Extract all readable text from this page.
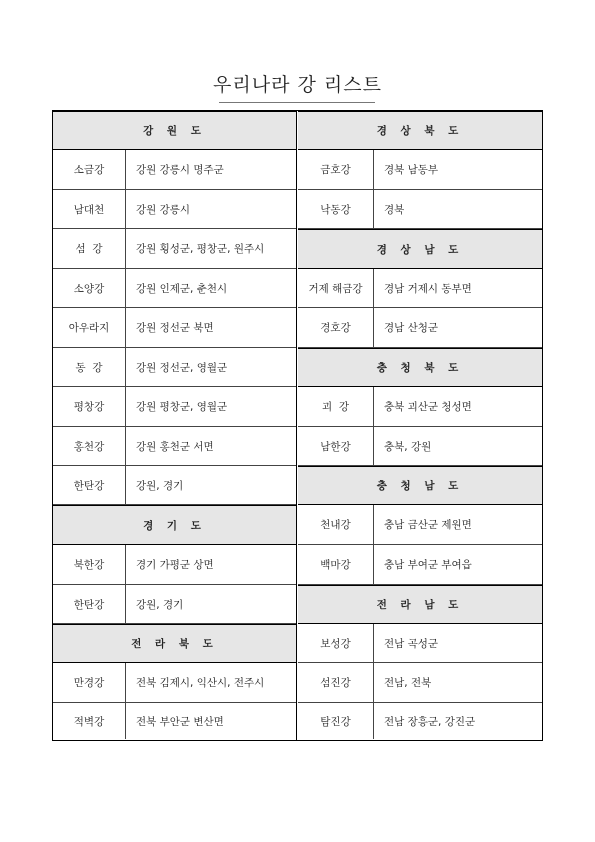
우리나라 강 리스트
강 원 도
소금강	강원 강릉시 명주군
남대천	강원 강릉시
섬  강	강원 횡성군, 평창군, 원주시
소양강	강원 인제군, 춘천시
아우라지	강원 정선군 북면
동  강	강원 정선군, 영월군
평창강	강원 평창군, 영월군
홍천강	강원 홍천군 서면
한탄강	강원, 경기
경 기 도
북한강	경기 가평군 상면
한탄강	강원, 경기
전 라 북 도
만경강	전북 김제시, 익산시, 전주시
적벽강	전북 부안군 변산면
경 상 북 도
금호강	경북 남동부
낙동강	경북
경 상 남 도
거제 해금강	경남 거제시 동부면
경호강	경남 산청군
충 청 북 도
괴  강	충북 괴산군 청성면
남한강	충북, 강원
충 청 남 도
천내강	충남 금산군 제원면
백마강	충남 부여군 부여읍
전 라 남 도
보성강	전남 곡성군
섬진강	전남, 전북
탐진강	전남 장흥군, 강진군
